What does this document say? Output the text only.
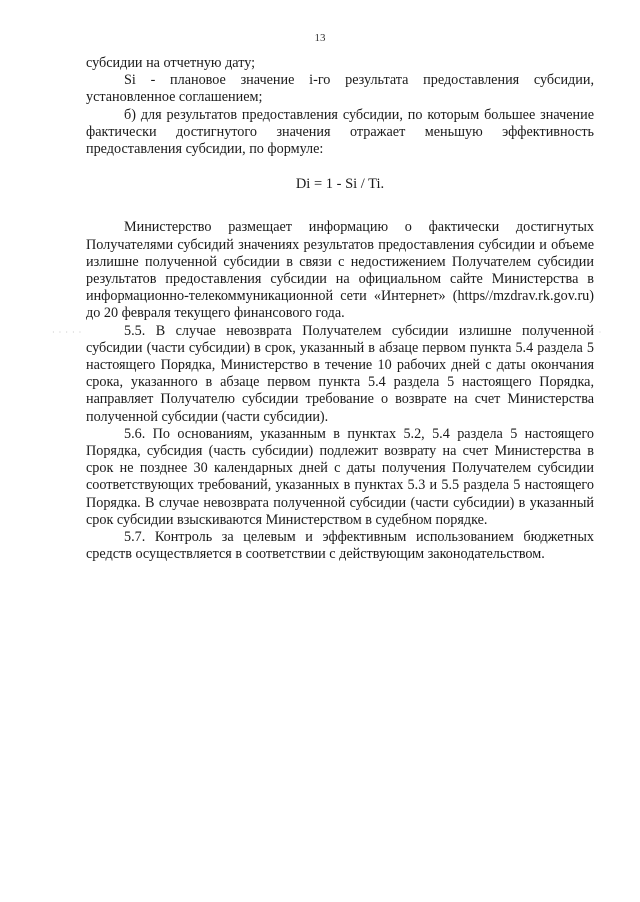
13
· · · · ·	· ·

субсидии на отчетную дату;

Si - плановое значение i-го результата предоставления субсидии, установленное соглашением;

б) для результатов предоставления субсидии, по которым большее значение фактически достигнутого значения отражает меньшую эффективность предоставления субсидии, по формуле:

Di = 1 - Si / Ti.

Министерство размещает информацию о фактически достигнутых Получателями субсидий значениях результатов предоставления субсидии и объеме излишне полученной субсидии в связи с недостижением Получателем субсидии результатов предоставления субсидии на официальном сайте Министерства в информационно-телекоммуникационной сети «Интернет» (https//mzdrav.rk.gov.ru) до 20 февраля текущего финансового года.

5.5. В случае невозврата Получателем субсидии излишне полученной субсидии (части субсидии) в срок, указанный в абзаце первом пункта 5.4 раздела 5 настоящего Порядка, Министерство в течение 10 рабочих дней с даты окончания срока, указанного в абзаце первом пункта 5.4 раздела 5 настоящего Порядка, направляет Получателю субсидии требование о возврате на счет Министерства полученной субсидии (части субсидии).

5.6. По основаниям, указанным в пунктах 5.2, 5.4 раздела 5 настоящего Порядка, субсидия (часть субсидии) подлежит возврату на счет Министерства в срок не позднее 30 календарных дней с даты получения Получателем субсидии соответствующих требований, указанных в пунктах 5.3 и 5.5 раздела 5 настоящего Порядка. В случае невозврата полученной субсидии (части субсидии) в указанный срок субсидии взыскиваются Министерством в судебном порядке.

5.7. Контроль за целевым и эффективным использованием бюджетных средств осуществляется в соответствии с действующим законодательством.
